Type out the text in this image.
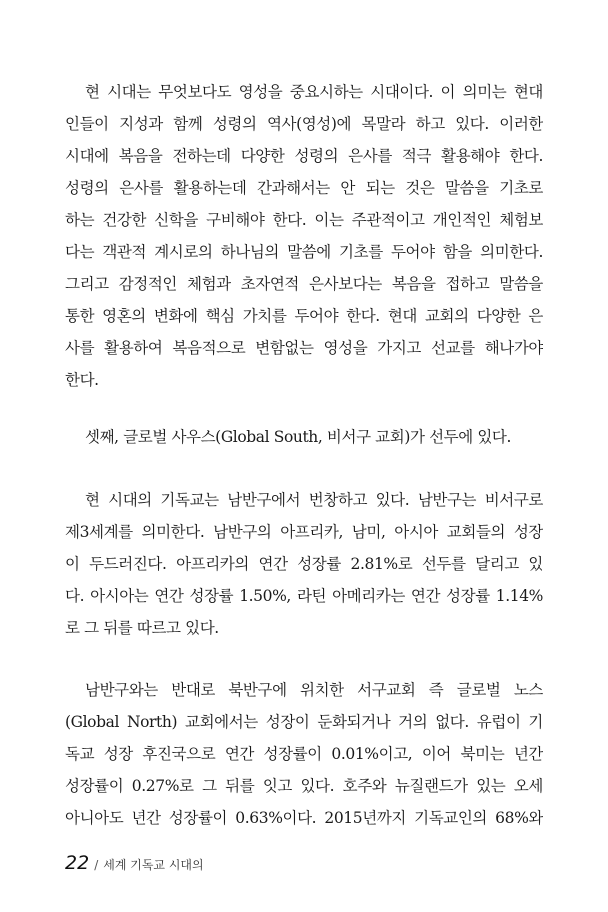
현 시대는 무엇보다도 영성을 중요시하는 시대이다. 이 의미는 현대
인들이 지성과 함께 성령의 역사(영성)에 목말라 하고 있다. 이러한
시대에 복음을 전하는데 다양한 성령의 은사를 적극 활용해야 한다.
성령의 은사를 활용하는데 간과해서는 안 되는 것은 말씀을 기초로
하는 건강한 신학을 구비해야 한다. 이는 주관적이고 개인적인 체험보
다는 객관적 계시로의 하나님의 말씀에 기초를 두어야 함을 의미한다.
그리고 감정적인 체험과 초자연적 은사보다는 복음을 접하고 말씀을
통한 영혼의 변화에 핵심 가치를 두어야 한다. 현대 교회의 다양한 은
사를 활용하여 복음적으로 변함없는 영성을 가지고 선교를 해나가야
한다.
셋째, 글로벌 사우스(Global South, 비서구 교회)가 선두에 있다.
현 시대의 기독교는 남반구에서 번창하고 있다. 남반구는 비서구로
제3세계를 의미한다. 남반구의 아프리카, 남미, 아시아 교회들의 성장
이 두드러진다. 아프리카의 연간 성장률 2.81%로 선두를 달리고 있
다. 아시아는 연간 성장률 1.50%, 라틴 아메리카는 연간 성장률 1.14%
로 그 뒤를 따르고 있다.
남반구와는 반대로 북반구에 위치한 서구교회 즉 글로벌 노스
(Global North) 교회에서는 성장이 둔화되거나 거의 없다. 유럽이 기
독교 성장 후진국으로 연간 성장률이 0.01%이고, 이어 북미는 년간
성장률이 0.27%로 그 뒤를 잇고 있다. 호주와 뉴질랜드가 있는 오세
아니아도 년간 성장률이 0.63%이다. 2015년까지 기독교인의 68%와
22 / 세계 기독교 시대의
